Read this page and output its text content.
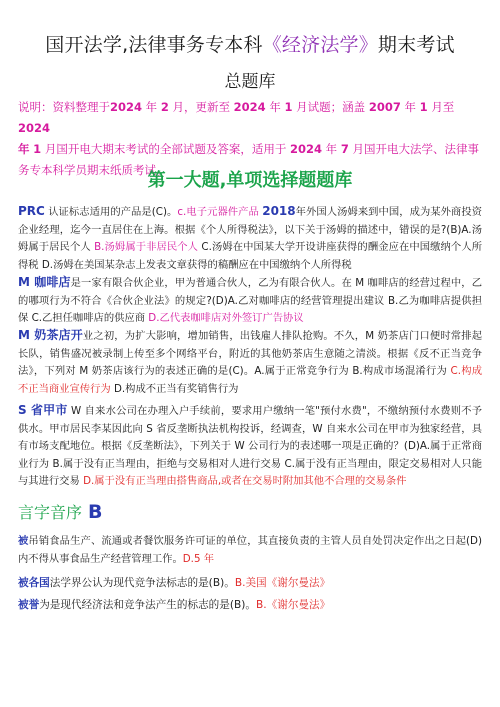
国开法学,法律事务专本科《经济法学》期末考试
总题库
说明：资料整理于2024 年 2 月，更新至 2024 年 1 月试题；涵盖 2007 年 1 月至 2024
年 1 月国开电大期末考试的全部试题及答案，适用于 2024 年 7 月国开电大法学、法律事务专本科学员期末纸质考试。
第一大题,单项选择题题库
PRC 认证标志适用的产品是(C)。c.电子元器件产品 2018年外国人汤姆来到中国，成为某外商投资企业经理，迄今一直居住在上海。根据《个人所得税法》，以下关于汤姆的描述中，错误的是?(B)A.汤姆属于居民个人 B.汤姆属于非居民个人 C.汤姆在中国某大学开设讲座获得的酬金应在中国缴纳个人所得税 D.汤姆在美国某杂志上发表文章获得的稿酬应在中国缴纳个人所得税
M 咖啡店是一家有限合伙企业，甲为普通合伙人，乙为有限合伙人。在 M 咖啡店的经营过程中，乙的哪项行为不符合《合伙企业法》的规定?(D)A.乙对咖啡店的经营管理提出建议 B.乙为咖啡店提供担保 C.乙担任咖啡店的供应商 D.乙代表咖啡店对外签订广告协议
M 奶茶店开业之初，为扩大影响，增加销售，出钱雇人排队抢购。不久，M 奶茶店门口便时常排起长队，销售盛况被录制上传至多个网络平台，附近的其他奶茶店生意随之清淡。根据《反不正当竞争法》，下列对 M 奶茶店该行为的表述正确的是(C)。A.属于正常竞争行为 B.构成市场混淆行为 C.构成不正当商业宣传行为 D.构成不正当有奖销售行为
S 省甲市 W 自来水公司在办理入户手续前，要求用户缴纳一笔"预付水费"，不缴纳预付水费则不予供水。甲市居民李某因此向 S 省反垄断执法机构投诉，经调查，W 自来水公司在甲市为独家经营，具有市场支配地位。根据《反垄断法》，下列关于 W 公司行为的表述哪一项是正确的？(D)A.属于正常商业行为 B.属于没有正当理由，拒绝与交易相对人进行交易 C.属于没有正当理由，限定交易相对人只能与其进行交易 D.属于没有正当理由搭售商品,或者在交易时附加其他不合理的交易条件
言字音序 B
被吊销食品生产、流通或者餐饮服务许可证的单位，其直接负责的主管人员自处罚决定作出之日起(D)内不得从事食品生产经营管理工作。D.5 年
被各国法学界公认为现代竞争法标志的是(B)。B.美国《谢尔曼法》
被誉为是现代经济法和竞争法产生的标志的是(B)。B.《谢尔曼法》
